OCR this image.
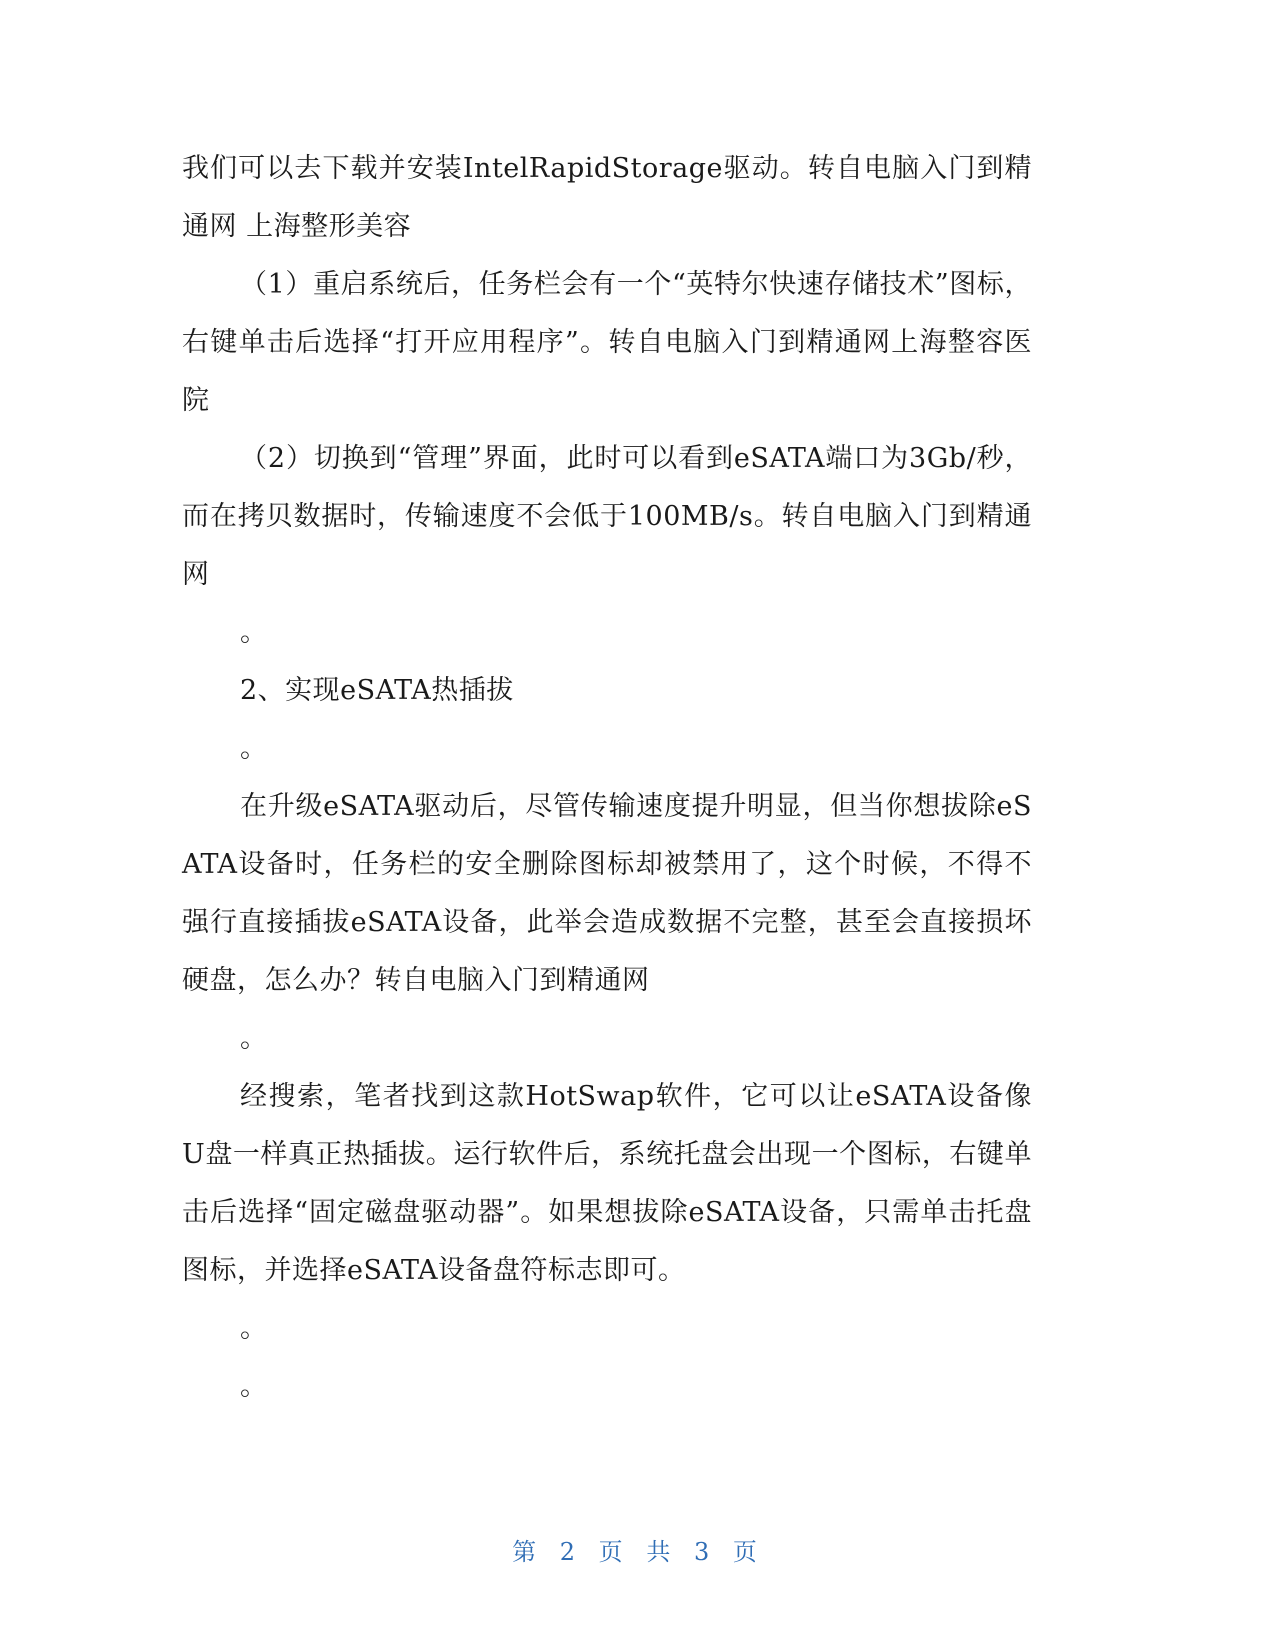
我们可以去下载并安装IntelRapidStorage驱动。转自电脑入门到精通网 上海整形美容

（1）重启系统后，任务栏会有一个“英特尔快速存储技术”图标，右键单击后选择“打开应用程序”。转自电脑入门到精通网上海整容医院

（2）切换到“管理”界面，此时可以看到eSATA端口为3Gb/秒，而在拷贝数据时，传输速度不会低于100MB/s。转自电脑入门到精通网

。

2、实现eSATA热插拔

。

在升级eSATA驱动后，尽管传输速度提升明显，但当你想拔除eSATA设备时，任务栏的安全删除图标却被禁用了，这个时候，不得不强行直接插拔eSATA设备，此举会造成数据不完整，甚至会直接损坏硬盘，怎么办？转自电脑入门到精通网

。

经搜索，笔者找到这款HotSwap软件，它可以让eSATA设备像U盘一样真正热插拔。运行软件后，系统托盘会出现一个图标，右键单击后选择“固定磁盘驱动器”。如果想拔除eSATA设备，只需单击托盘图标，并选择eSATA设备盘符标志即可。

。

。

第 2 页 共 3 页
